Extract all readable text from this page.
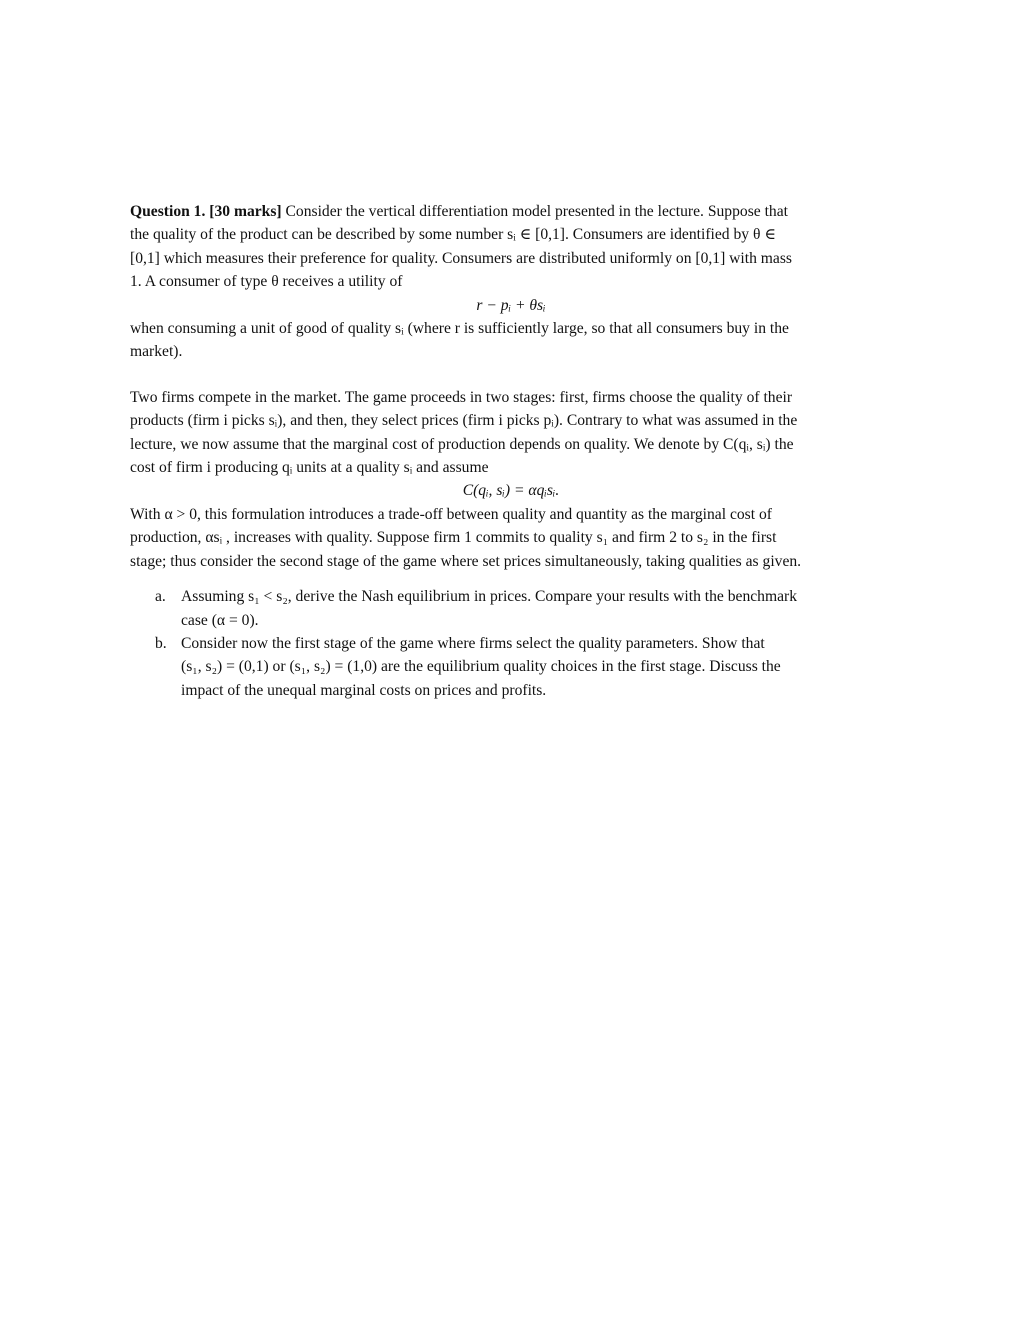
Question 1. [30 marks] Consider the vertical differentiation model presented in the lecture. Suppose that
the quality of the product can be described by some number sᵢ ∈ [0,1]. Consumers are identified by θ ∈
[0,1] which measures their preference for quality. Consumers are distributed uniformly on [0,1] with mass
1. A consumer of type θ receives a utility of
r − pᵢ + θsᵢ
when consuming a unit of good of quality sᵢ (where r is sufficiently large, so that all consumers buy in the
market).
Two firms compete in the market. The game proceeds in two stages: first, firms choose the quality of their
products (firm i picks sᵢ), and then, they select prices (firm i picks pᵢ). Contrary to what was assumed in the
lecture, we now assume that the marginal cost of production depends on quality. We denote by C(qᵢ, sᵢ) the
cost of firm i producing qᵢ units at a quality sᵢ and assume
C(qᵢ, sᵢ) = αqᵢsᵢ.
With α > 0, this formulation introduces a trade-off between quality and quantity as the marginal cost of
production, αsᵢ , increases with quality. Suppose firm 1 commits to quality s₁ and firm 2 to s₂ in the first
stage; thus consider the second stage of the game where set prices simultaneously, taking qualities as given.
a. Assuming s₁ < s₂, derive the Nash equilibrium in prices. Compare your results with the benchmark
case (α = 0).
b. Consider now the first stage of the game where firms select the quality parameters. Show that
(s₁, s₂) = (0,1) or (s₁, s₂) = (1,0) are the equilibrium quality choices in the first stage. Discuss the
impact of the unequal marginal costs on prices and profits.
